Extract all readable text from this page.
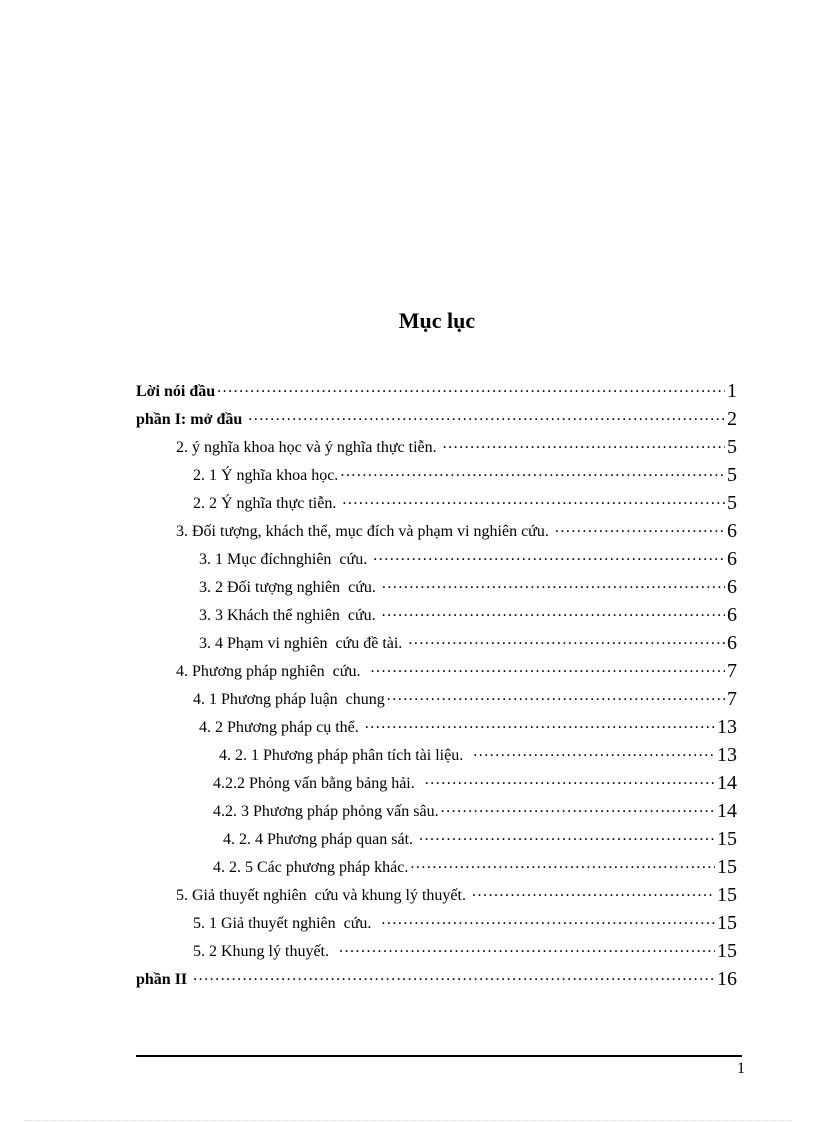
Mục lục
Lời nói đầu .....	1
phần I: mở đầu .....	2
2. ý nghĩa khoa học và ý nghĩa thực tiễn. .....	5
2. 1 Ý nghĩa khoa học. .....	5
2. 2 Ý nghĩa thực tiễn. .....	5
3. Đối tượng, khách thể, mục đích và phạm vi nghiên cứu. .....	6
3. 1 Mục đíchnghiên  cứu. .....	6
3. 2 Đối tượng nghiên  cứu. .....	6
3. 3 Khách thể nghiên  cứu. .....	6
3. 4 Phạm vi nghiên  cứu đề tài. .....	6
4. Phương pháp nghiên  cứu. .....	7
4. 1 Phương pháp luận  chung .....	7
4. 2 Phương pháp cụ thể. .....	13
4. 2. 1 Phương pháp phân tích tài liệu. .....	13
4.2.2 Phỏng vấn bằng bảng hải. .....	14
4.2. 3 Phương pháp phỏng vấn sâu. .....	14
4. 2. 4 Phương pháp quan sát. .....	15
4. 2. 5 Các phương pháp khác. .....	15
5. Giả thuyết nghiên  cứu và khung lý thuyết. .....	15
5. 1 Giả thuyết nghiên  cứu. .....	15
5. 2 Khung lý thuyết. .....	15
phần II .....	16
1
